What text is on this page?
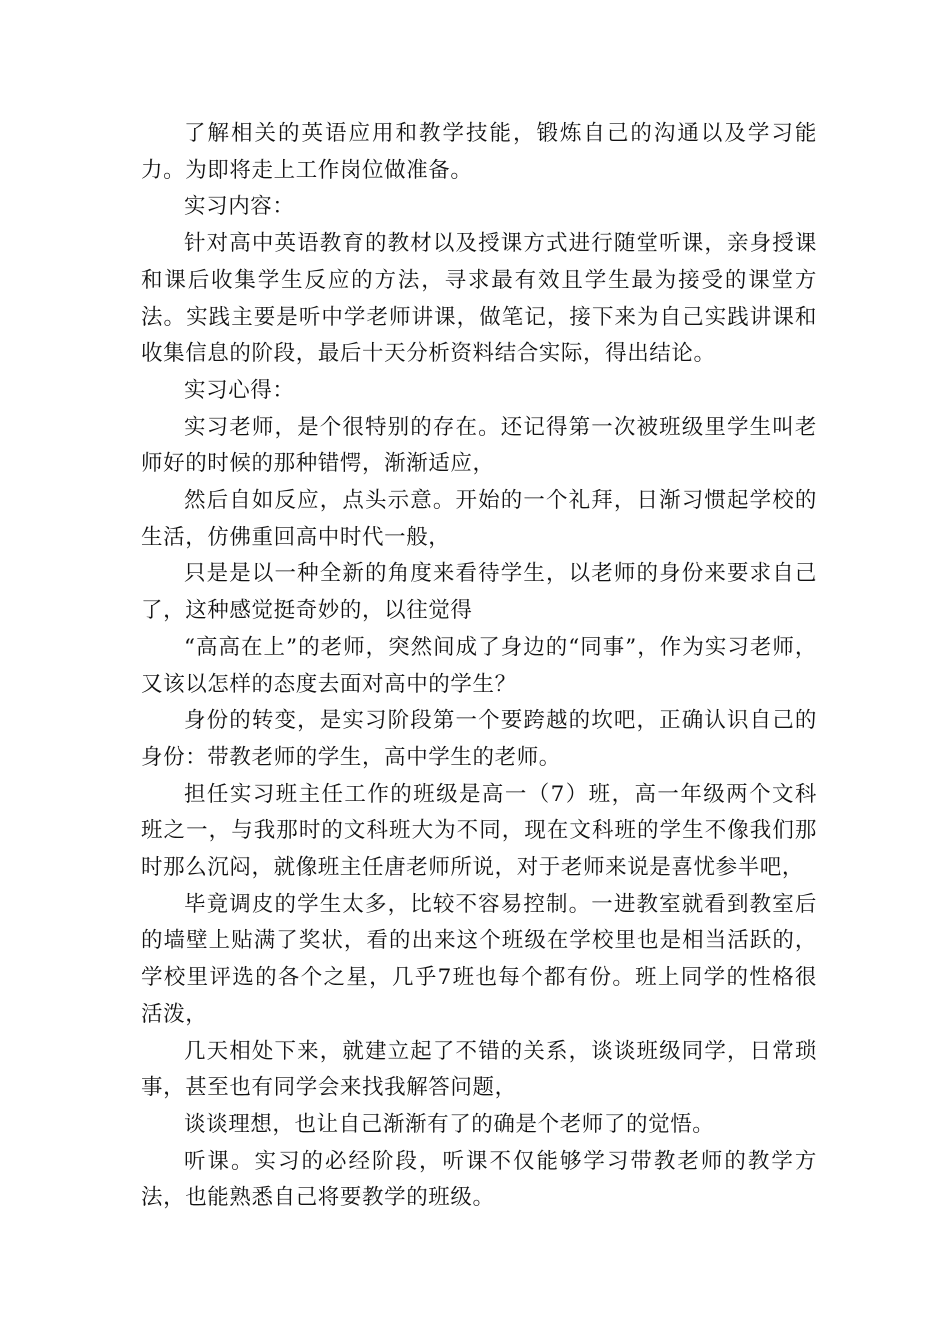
了解相关的英语应用和教学技能，锻炼自己的沟通以及学习能力。为即将走上工作岗位做准备。

实习内容：

针对高中英语教育的教材以及授课方式进行随堂听课，亲身授课和课后收集学生反应的方法，寻求最有效且学生最为接受的课堂方法。实践主要是听中学老师讲课，做笔记，接下来为自己实践讲课和收集信息的阶段，最后十天分析资料结合实际，得出结论。

实习心得：

实习老师，是个很特别的存在。还记得第一次被班级里学生叫老师好的时候的那种错愕，渐渐适应，

然后自如反应，点头示意。开始的一个礼拜，日渐习惯起学校的生活，仿佛重回高中时代一般，

只是是以一种全新的角度来看待学生，以老师的身份来要求自己了，这种感觉挺奇妙的，以往觉得

“高高在上”的老师，突然间成了身边的“同事”，作为实习老师，又该以怎样的态度去面对高中的学生？

身份的转变，是实习阶段第一个要跨越的坎吧，正确认识自己的身份：带教老师的学生，高中学生的老师。

担任实习班主任工作的班级是高一（7）班，高一年级两个文科班之一，与我那时的文科班大为不同，现在文科班的学生不像我们那时那么沉闷，就像班主任唐老师所说，对于老师来说是喜忧参半吧，

毕竟调皮的学生太多，比较不容易控制。一进教室就看到教室后的墙壁上贴满了奖状，看的出来这个班级在学校里也是相当活跃的，学校里评选的各个之星，几乎7班也每个都有份。班上同学的性格很活泼，

几天相处下来，就建立起了不错的关系，谈谈班级同学，日常琐事，甚至也有同学会来找我解答问题，

谈谈理想，也让自己渐渐有了的确是个老师了的觉悟。

听课。实习的必经阶段，听课不仅能够学习带教老师的教学方法，也能熟悉自己将要教学的班级。
